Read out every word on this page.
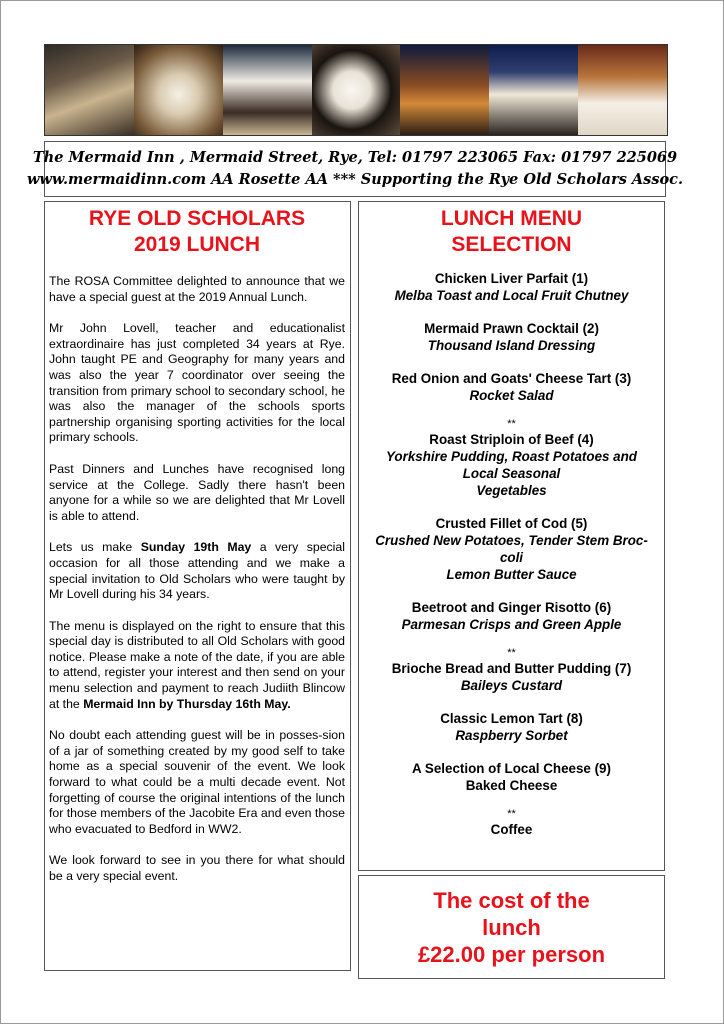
The Mermaid Inn , Mermaid Street, Rye, Tel: 01797 223065 Fax: 01797 225069
www.mermaidinn.com AA Rosette AA *** Supporting the Rye Old Scholars Assoc.
RYE OLD SCHOLARS
2019 LUNCH

The ROSA Committee delighted to announce that we have a special guest at the 2019 Annual Lunch.

Mr John Lovell, teacher and educationalist extraordinaire has just completed 34 years at Rye. John taught PE and Geography for many years and was also the year 7 coordinator over seeing the transition from primary school to secondary school, he was also the manager of the schools sports partnership organising sporting activities for the local primary schools.

Past Dinners and Lunches have recognised long service at the College. Sadly there hasn't been anyone for a while so we are delighted that Mr Lovell is able to attend.

Lets us make Sunday 19th May a very special occasion for all those attending and we make a special invitation to Old Scholars who were taught by Mr Lovell during his 34 years.

The menu is displayed on the right to ensure that this special day is distributed to all Old Scholars with good notice. Please make a note of the date, if you are able to attend, register your interest and then send on your menu selection and payment to reach Judiith Blincow at the Mermaid Inn by Thursday 16th May.

No doubt each attending guest will be in posses-sion of a jar of something created by my good self to take home as a special souvenir of the event. We look forward to what could be a multi decade event. Not forgetting of course the original intentions of the lunch for those members of the Jacobite Era and even those who evacuated to Bedford in WW2.

We look forward to see in you there for what should be a very special event.

LUNCH MENU
SELECTION
Chicken Liver Parfait (1)
Melba Toast and Local Fruit Chutney
Mermaid Prawn Cocktail (2)
Thousand Island Dressing
Red Onion and Goats' Cheese Tart (3)
Rocket Salad
**
Roast Striploin of Beef (4)
Yorkshire Pudding, Roast Potatoes and
Local Seasonal
Vegetables
Crusted Fillet of Cod (5)
Crushed New Potatoes, Tender Stem Broc-
coli
Lemon Butter Sauce
Beetroot and Ginger Risotto (6)
Parmesan Crisps and Green Apple
**
Brioche Bread and Butter Pudding (7)
Baileys Custard
Classic Lemon Tart (8)
Raspberry Sorbet
A Selection of Local Cheese (9)
Baked Cheese
**
Coffee
The cost of the
lunch
£22.00 per person
